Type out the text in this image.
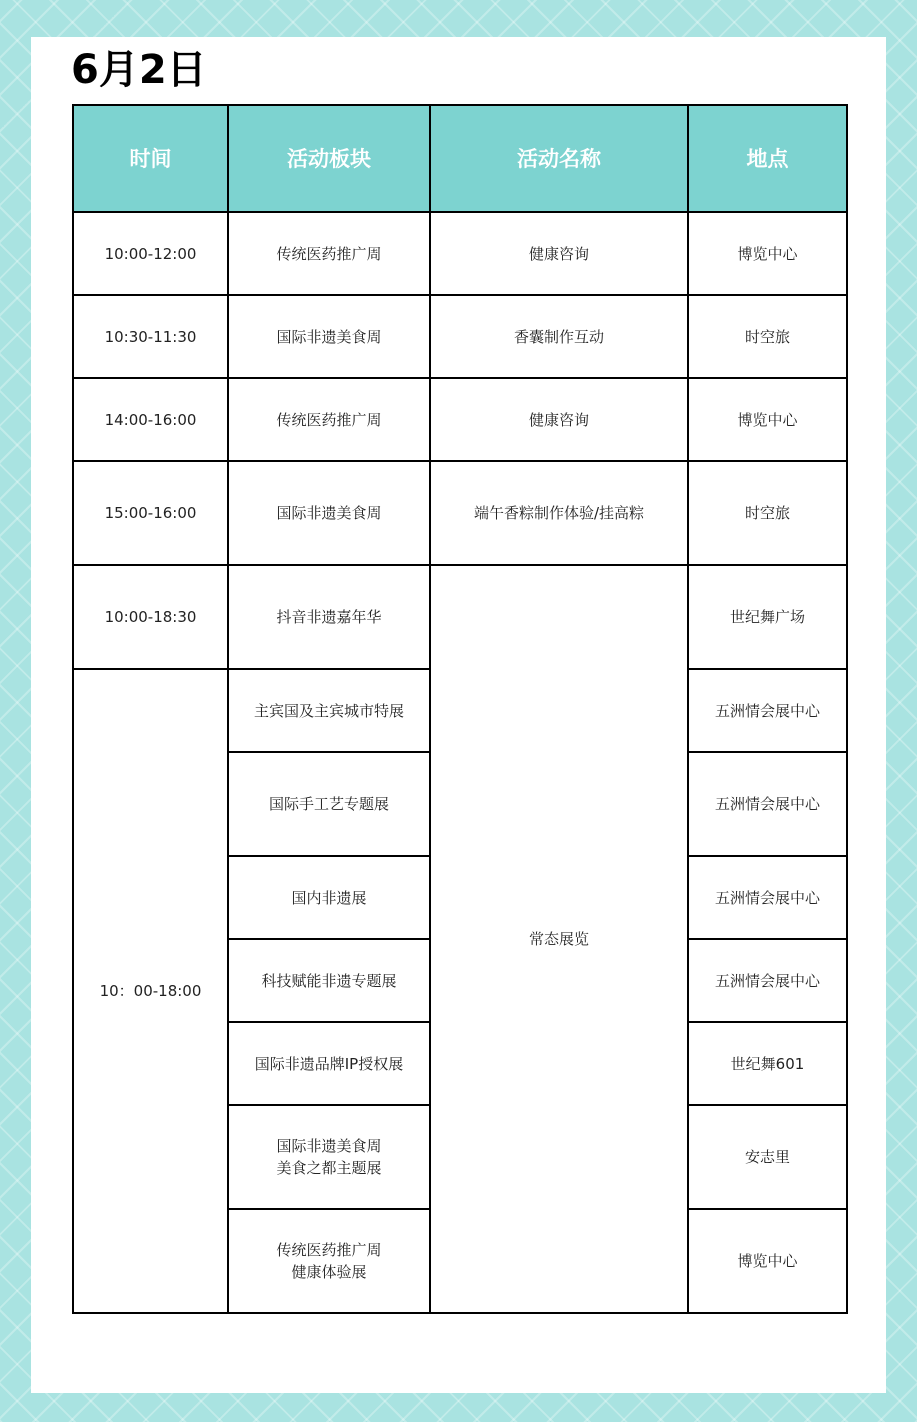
6月2日
时间	活动板块	活动名称	地点
10:00-12:00	传统医药推广周	健康咨询	博览中心
10:30-11:30	国际非遗美食周	香囊制作互动	时空旅
14:00-16:00	传统医药推广周	健康咨询	博览中心
15:00-16:00	国际非遗美食周	端午香粽制作体验/挂高粽	时空旅
10:00-18:30	抖音非遗嘉年华	常态展览	世纪舞广场
10：00-18:00	主宾国及主宾城市特展		五洲情会展中心

	国际手工艺专题展		五洲情会展中心

	国内非遗展		五洲情会展中心

	科技赋能非遗专题展		五洲情会展中心

	国际非遗品牌IP授权展		世纪舞601

	国际非遗美食周
美食之都主题展		安志里

	传统医药推广周
健康体验展		博览中心
